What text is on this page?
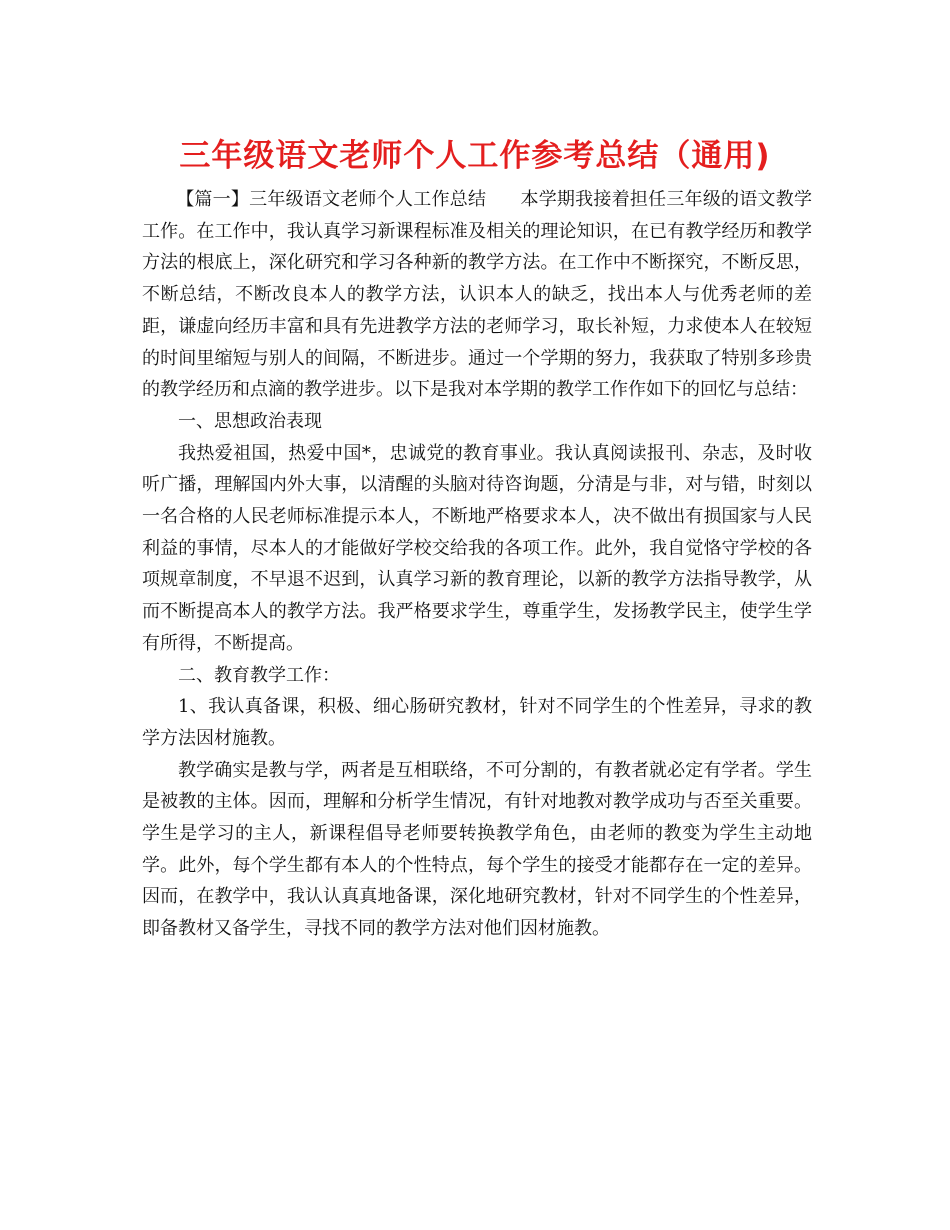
三年级语文老师个人工作参考总结（通用)

【篇一】三年级语文老师个人工作总结 本学期我接着担任三年级的语文教学工作。在工作中，我认真学习新课程标准及相关的理论知识，在已有教学经历和教学方法的根底上，深化研究和学习各种新的教学方法。在工作中不断探究，不断反思，不断总结，不断改良本人的教学方法，认识本人的缺乏，找出本人与优秀老师的差距，谦虚向经历丰富和具有先进教学方法的老师学习，取长补短，力求使本人在较短的时间里缩短与别人的间隔，不断进步。通过一个学期的努力，我获取了特别多珍贵的教学经历和点滴的教学进步。以下是我对本学期的教学工作作如下的回忆与总结：

一、思想政治表现

我热爱祖国，热爱中国*，忠诚党的教育事业。我认真阅读报刊、杂志，及时收听广播，理解国内外大事，以清醒的头脑对待咨询题，分清是与非，对与错，时刻以一名合格的人民老师标准提示本人，不断地严格要求本人，决不做出有损国家与人民利益的事情，尽本人的才能做好学校交给我的各项工作。此外，我自觉恪守学校的各项规章制度，不早退不迟到，认真学习新的教育理论，以新的教学方法指导教学，从而不断提高本人的教学方法。我严格要求学生，尊重学生，发扬教学民主，使学生学有所得，不断提高。

二、教育教学工作：

1、我认真备课，积极、细心肠研究教材，针对不同学生的个性差异，寻求的教学方法因材施教。

教学确实是教与学，两者是互相联络，不可分割的，有教者就必定有学者。学生是被教的主体。因而，理解和分析学生情况，有针对地教对教学成功与否至关重要。学生是学习的主人，新课程倡导老师要转换教学角色，由老师的教变为学生主动地学。此外，每个学生都有本人的个性特点，每个学生的接受才能都存在一定的差异。因而，在教学中，我认认真真地备课，深化地研究教材，针对不同学生的个性差异，即备教材又备学生，寻找不同的教学方法对他们因材施教。
